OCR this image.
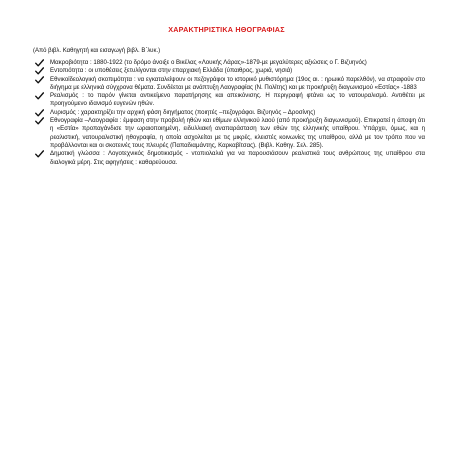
ΧΑΡΑΚΤΗΡΙΣΤΙΚΑ ΗΘΟΓΡΑΦΙΑΣ
(Από βιβλ. Καθηγητή και εισαγωγή βιβλ. Β΄λυκ.)
Μακροβιότητα : 1880-1922 (το δρόμο άνοιξε ο Βικέλας «Λουκής Λάρας»-1879-με μεγαλύτερες αξιώσεις ο Γ. Βιζυηνός)
Εντοπιότητα : οι υποθέσεις ξετυλίγονται στην επαρχιακή Ελλάδα (ύπαιθρος, χωριά, νησιά)
Εθνικοϊδεολογική σκοπιμότητα : να εγκαταλείψουν οι πεζογράφοι το ιστορικό μυθιστόρημα (19ος αι. : ηρωικό παρελθόν), να στραφούν στο διήγημα με ελληνικά σύγχρονα θέματα. Συνδέεται με ανάπτυξη Λαογραφίας (Ν. Πολίτης) και με προκήρυξη διαγωνισμού «Εστίας» -1883
Ρεαλισμός : το παρόν γίνεται αντικείμενο παρατήρησης και απεικόνισης. Η περιγραφή φτάνει ως το νατουραλισμό. Αντιθέτει με προηγούμενο ιδανισμό ευγενών ηθών.
Λυρισμός : χαρακτηρίζει την αρχική φάση διηγήματος (ποιητές –πεζογράφοι. Βιζυηνός – Δροσίνης)
Εθνογραφία –Λαογραφία : έμφαση στην προβολή ηθών και εθίμων ελληνικού λαού (από προκήρυξη διαγωνισμού). Επικρατεί η άποψη ότι η «Εστία» προπαγάνδισε την ωραιοποιημένη, ειδυλλιακή αναπαράσταση των εθών της ελληνικής υπαίθρου. Υπάρχει, όμως, και η ρεαλιστική, νατουραλιστική ηθογραφία, η οποία ασχολείται με τις μικρές, κλειστές κοινωνίες της υπαίθρου, αλλά με τον τρόπο που να προβάλλονται και οι σκοτεινές τους πλευρές (Παπαδιαμάντης, Καρκαβίτσας). (Βιβλ. Καθηγ. Σελ. 285).
Δημοτική γλώσσα : Λογοτεχνικός δημοτικισμός - ντοπιολαλιά για να παρουσιάσουν ρεαλιστικά τους ανθρώπους της υπαίθρου στα διαλογικά μέρη. Στις αφηγήσεις : καθαρεύουσα.
